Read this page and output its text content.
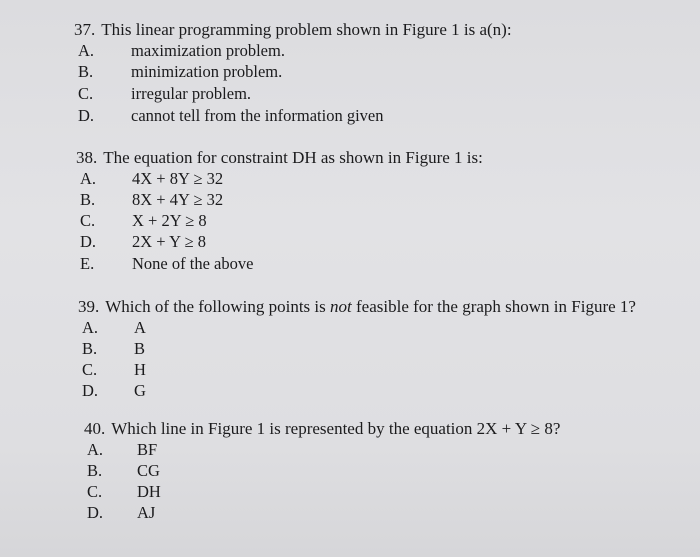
37. This linear programming problem shown in Figure 1 is a(n):
A. maximization problem.
B. minimization problem.
C. irregular problem.
D. cannot tell from the information given
38. The equation for constraint DH as shown in Figure 1 is:
A. 4X + 8Y ≥ 32
B. 8X + 4Y ≥ 32
C. X + 2Y ≥ 8
D. 2X + Y ≥ 8
E. None of the above
39. Which of the following points is not feasible for the graph shown in Figure 1?
A. A
B. B
C. H
D. G
40. Which line in Figure 1 is represented by the equation 2X + Y ≥ 8?
A. BF
B. CG
C. DH
D. AJ
